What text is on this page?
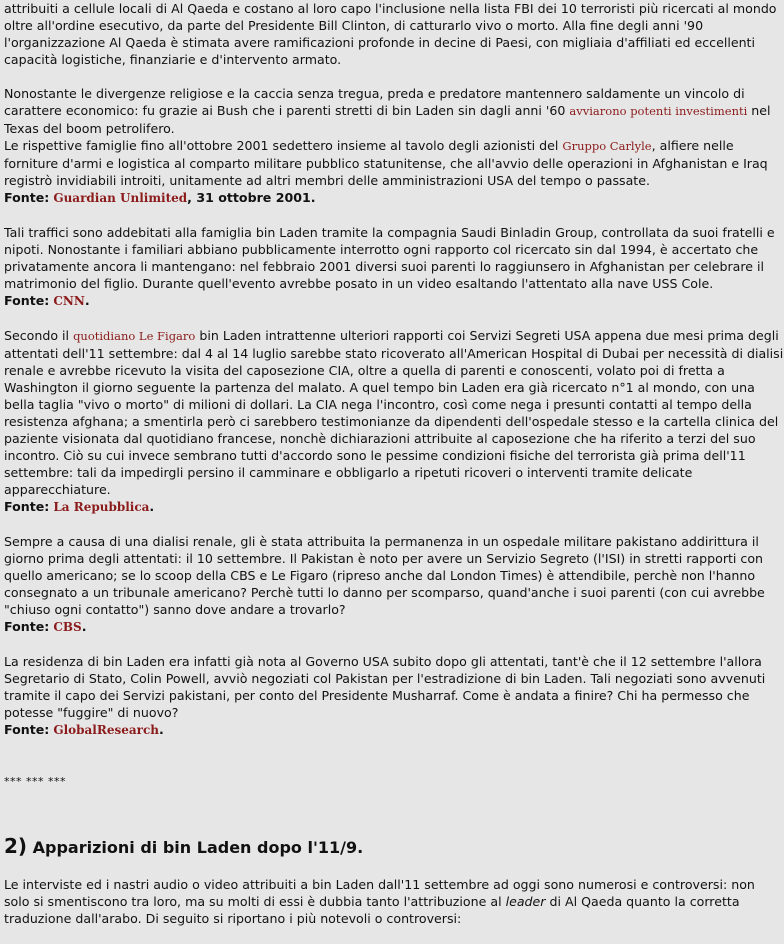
attribuiti a cellule locali di Al Qaeda e costano al loro capo l'inclusione nella lista FBI dei 10 terroristi più ricercati al mondo oltre all'ordine esecutivo, da parte del Presidente Bill Clinton, di catturarlo vivo o morto. Alla fine degli anni '90 l'organizzazione Al Qaeda è stimata avere ramificazioni profonde in decine di Paesi, con migliaia d'affiliati ed eccellenti capacità logistiche, finanziarie e d'intervento armato.

Nonostante le divergenze religiose e la caccia senza tregua, preda e predatore mantennero saldamente un vincolo di carattere economico: fu grazie ai Bush che i parenti stretti di bin Laden sin dagli anni '60 avviarono potenti investimenti nel Texas del boom petrolifero.
Le rispettive famiglie fino all'ottobre 2001 sedettero insieme al tavolo degli azionisti del Gruppo Carlyle, alfiere nelle forniture d'armi e logistica al comparto militare pubblico statunitense, che all'avvio delle operazioni in Afghanistan e Iraq registrò invidiabili introiti, unitamente ad altri membri delle amministrazioni USA del tempo o passate.
Fonte: Guardian Unlimited, 31 ottobre 2001.

Tali traffici sono addebitati alla famiglia bin Laden tramite la compagnia Saudi Binladin Group, controllata da suoi fratelli e nipoti. Nonostante i familiari abbiano pubblicamente interrotto ogni rapporto col ricercato sin dal 1994, è accertato che privatamente ancora li mantengano: nel febbraio 2001 diversi suoi parenti lo raggiunsero in Afghanistan per celebrare il matrimonio del figlio. Durante quell'evento avrebbe posato in un video esaltando l'attentato alla nave USS Cole.
Fonte: CNN.

Secondo il quotidiano Le Figaro bin Laden intrattenne ulteriori rapporti coi Servizi Segreti USA appena due mesi prima degli attentati dell'11 settembre: dal 4 al 14 luglio sarebbe stato ricoverato all'American Hospital di Dubai per necessità di dialisi renale e avrebbe ricevuto la visita del caposezione CIA, oltre a quella di parenti e conoscenti, volato poi di fretta a Washington il giorno seguente la partenza del malato. A quel tempo bin Laden era già ricercato n°1 al mondo, con una bella taglia "vivo o morto" di milioni di dollari. La CIA nega l'incontro, così come nega i presunti contatti al tempo della resistenza afghana; a smentirla però ci sarebbero testimonianze da dipendenti dell'ospedale stesso e la cartella clinica del paziente visionata dal quotidiano francese, nonchè dichiarazioni attribuite al caposezione che ha riferito a terzi del suo incontro. Ciò su cui invece sembrano tutti d'accordo sono le pessime condizioni fisiche del terrorista già prima dell'11 settembre: tali da impedirgli persino il camminare e obbligarlo a ripetuti ricoveri o interventi tramite delicate apparecchiature.
Fonte: La Repubblica.

Sempre a causa di una dialisi renale, gli è stata attribuita la permanenza in un ospedale militare pakistano addirittura il giorno prima degli attentati: il 10 settembre. Il Pakistan è noto per avere un Servizio Segreto (l'ISI) in stretti rapporti con quello americano; se lo scoop della CBS e Le Figaro (ripreso anche dal London Times) è attendibile, perchè non l'hanno consegnato a un tribunale americano? Perchè tutti lo danno per scomparso, quand'anche i suoi parenti (con cui avrebbe "chiuso ogni contatto") sanno dove andare a trovarlo?
Fonte: CBS.

La residenza di bin Laden era infatti già nota al Governo USA subito dopo gli attentati, tant'è che il 12 settembre l'allora Segretario di Stato, Colin Powell, avviò negoziati col Pakistan per l'estradizione di bin Laden. Tali negoziati sono avvenuti tramite il capo dei Servizi pakistani, per conto del Presidente Musharraf. Come è andata a finire? Chi ha permesso che potesse "fuggire" di nuovo?
Fonte: GlobalResearch.

*** *** ***
2) Apparizioni di bin Laden dopo l'11/9.

Le interviste ed i nastri audio o video attribuiti a bin Laden dall'11 settembre ad oggi sono numerosi e controversi: non solo si smentiscono tra loro, ma su molti di essi è dubbia tanto l'attribuzione al leader di Al Qaeda quanto la corretta traduzione dall'arabo. Di seguito si riportano i più notevoli o controversi:
